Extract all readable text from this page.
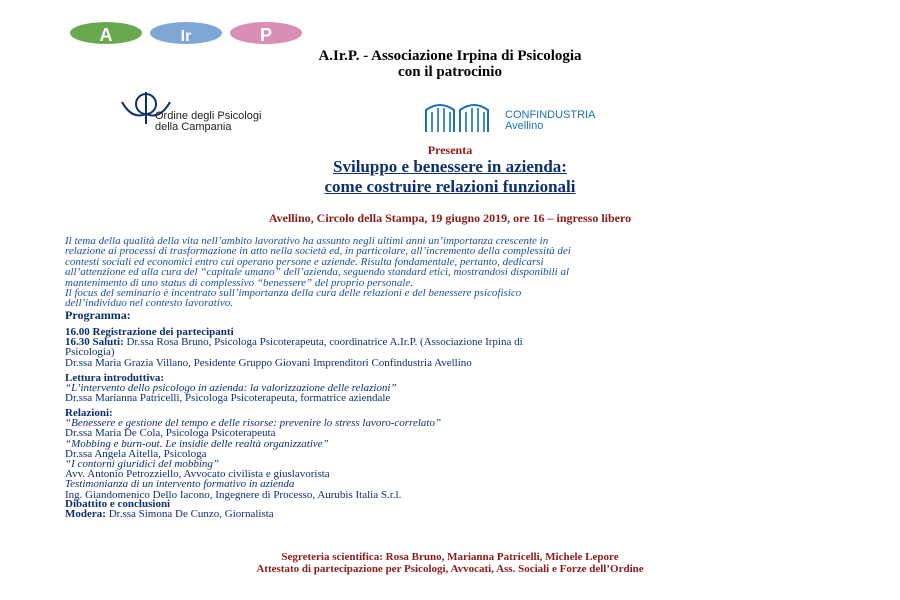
A	Ir	P
A.Ir.P. - Associazione Irpina di Psicologia
con il patrocinio
Ordine degli Psicologi
della Campania
CONFINDUSTRIA
Avellino
Presenta
Sviluppo e benessere in azienda:
come costruire relazioni funzionali
Avellino, Circolo della Stampa, 19 giugno 2019, ore 16 – ingresso libero
Il tema della qualità della vita nell’ambito lavorativo ha assunto negli ultimi anni un’importanza crescente in
relazione ai processi di trasformazione in atto nella società ed, in particolare, all’incremento della complessità dei
contesti sociali ed economici entro cui operano persone e aziende. Risulta fondamentale, pertanto, dedicarsi
all’attenzione ed alla cura del “capitale umano” dell’azienda, seguendo standard etici, mostrandosi disponibili al
mantenimento di uno status di complessivo “benessere” del proprio personale.
Il focus del seminario è incentrato sull’importanza della cura delle relazioni e del benessere psicofisico
dell’individuo nel contesto lavorativo.
Programma:
16.00 Registrazione dei partecipanti
16.30 Saluti: Dr.ssa Rosa Bruno, Psicologa Psicoterapeuta, coordinatrice A.Ir.P. (Associazione Irpina di
Psicologia)
Dr.ssa Maria Grazia Villano, Pesidente Gruppo Giovani Imprenditori Confindustria Avellino
Lettura introduttiva:
“L’intervento dello psicologo in azienda: la valorizzazione delle relazioni”
Dr.ssa Marianna Patricelli, Psicologa Psicoterapeuta, formatrice aziendale
Relazioni:
“Benessere e gestione del tempo e delle risorse: prevenire lo stress lavoro-correlato”
Dr.ssa Maria De Cola, Psicologa Psicoterapeuta
“Mobbing e burn-out. Le insidie delle realtà organizzative”
Dr.ssa Angela Aitella, Psicologa
“I contorni giuridici del mobbing”
Avv. Antonio Petrozziello, Avvocato civilista e giuslavorista
Testimonianza di un intervento formativo in azienda
Ing. Giandomenico Dello Iacono, Ingegnere di Processo, Aurubis Italia S.r.l.
Dibattito e conclusioni
Modera: Dr.ssa Simona De Cunzo, Giornalista
Segreteria scientifica: Rosa Bruno, Marianna Patricelli, Michele Lepore
Attestato di partecipazione per Psicologi, Avvocati, Ass. Sociali e Forze dell’Ordine
